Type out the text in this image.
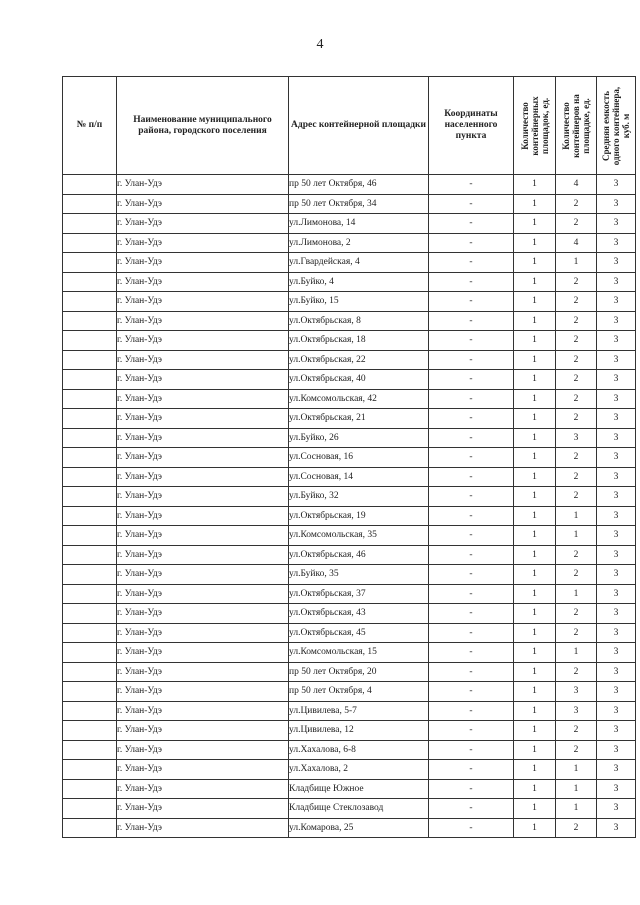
4
№ п/п	Наименование муниципального района, городского поселения	Адрес контейнерной площадки	Координаты населенного пункта	Количество контейнерных площадок, ед.	Количество контейнеров на площадке, ед.	Средняя емкость одного контейнера, куб. м

	г. Улан-Удэ	пр 50 лет Октября, 46	-	1	4	3
	г. Улан-Удэ	пр 50 лет Октября, 34	-	1	2	3
	г. Улан-Удэ	ул.Лимонова, 14	-	1	2	3
	г. Улан-Удэ	ул.Лимонова, 2	-	1	4	3
	г. Улан-Удэ	ул.Гвардейская, 4	-	1	1	3
	г. Улан-Удэ	ул.Буйко, 4	-	1	2	3
	г. Улан-Удэ	ул.Буйко, 15	-	1	2	3
	г. Улан-Удэ	ул.Октябрьская, 8	-	1	2	3
	г. Улан-Удэ	ул.Октябрьская, 18	-	1	2	3
	г. Улан-Удэ	ул.Октябрьская, 22	-	1	2	3
	г. Улан-Удэ	ул.Октябрьская, 40	-	1	2	3
	г. Улан-Удэ	ул.Комсомольская, 42	-	1	2	3
	г. Улан-Удэ	ул.Октябрьская, 21	-	1	2	3
	г. Улан-Удэ	ул.Буйко, 26	-	1	3	3
	г. Улан-Удэ	ул.Сосновая, 16	-	1	2	3
	г. Улан-Удэ	ул.Сосновая, 14	-	1	2	3
	г. Улан-Удэ	ул.Буйко, 32	-	1	2	3
	г. Улан-Удэ	ул.Октябрьская, 19	-	1	1	3
	г. Улан-Удэ	ул.Комсомольская, 35	-	1	1	3
	г. Улан-Удэ	ул.Октябрьская, 46	-	1	2	3
	г. Улан-Удэ	ул.Буйко, 35	-	1	2	3
	г. Улан-Удэ	ул.Октябрьская, 37	-	1	1	3
	г. Улан-Удэ	ул.Октябрьская, 43	-	1	2	3
	г. Улан-Удэ	ул.Октябрьская, 45	-	1	2	3
	г. Улан-Удэ	ул.Комсомольская, 15	-	1	1	3
	г. Улан-Удэ	пр 50 лет Октября, 20	-	1	2	3
	г. Улан-Удэ	пр 50 лет Октября, 4	-	1	3	3
	г. Улан-Удэ	ул.Цивилева, 5-7	-	1	3	3
	г. Улан-Удэ	ул.Цивилева, 12	-	1	2	3
	г. Улан-Удэ	ул.Хахалова, 6-8	-	1	2	3
	г. Улан-Удэ	ул.Хахалова, 2	-	1	1	3
	г. Улан-Удэ	Кладбище Южное	-	1	1	3
	г. Улан-Удэ	Кладбище Стеклозавод	-	1	1	3
	г. Улан-Удэ	ул.Комарова, 25	-	1	2	3
